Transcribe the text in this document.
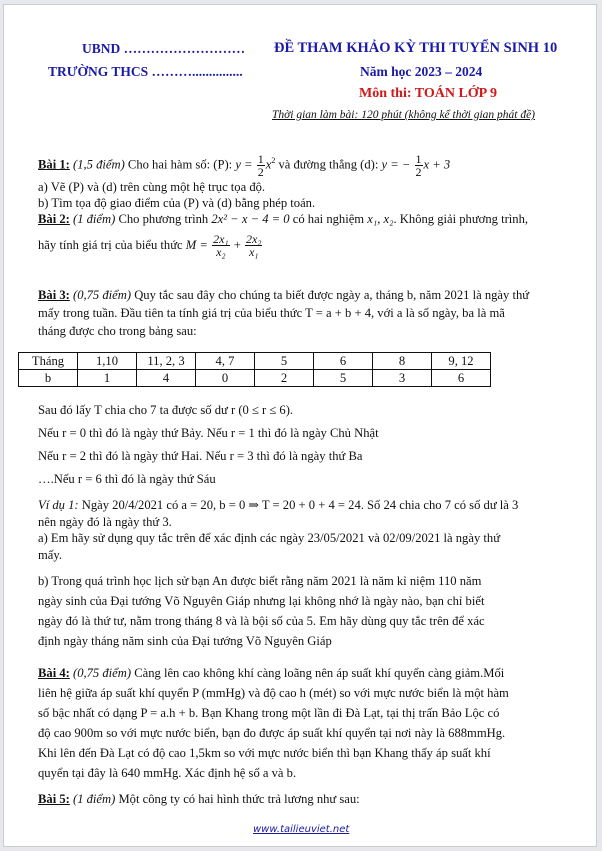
UBND ………………………
TRƯỜNG THCS ………...............
ĐỀ THAM KHẢO KỲ THI TUYỂN SINH 10
Năm học 2023 – 2024
Môn thi: TOÁN LỚP 9
Thời gian làm bài: 120 phút (không kể thời gian phát đề)
Bài 1: (1,5 điểm) Cho hai hàm số: (P): $y = \frac{1}{2} x^2$ và đường thẳng (d): y = − $\frac{1}{2}$ x + 3
a) Vẽ (P) và (d) trên cùng một hệ trục tọa độ.
b) Tìm tọa độ giao điểm của (P) và (d) bằng phép toán.
Bài 2: (1 điểm) Cho phương trình 2x² − x − 4 = 0 có hai nghiệm x₁, x₂. Không giải phương trình,
hãy tính giá trị của biểu thức $M = \frac{\text{2x₁}}{\text{x₂}} + \frac{\text{2x₂}}{\text{x₁}}$
Bài 3: (0,75 điểm) Quy tắc sau đây cho chúng ta biết được ngày a, tháng b, năm 2021 là ngày thứ
mấy trong tuần. Đầu tiên ta tính giá trị của biểu thức T = a + b + 4, với a là số ngày, ba là mã
tháng được cho trong bảng sau:
Tháng	1,10	11, 2, 3	4, 7	5	6	8	9, 12
b	1	4	0	2	5	3	6
Sau đó lấy T chia cho 7 ta được số dư r (0 ≤ r ≤ 6).
Nếu r = 0 thì đó là ngày thứ Bảy. Nếu r = 1 thì đó là ngày Chủ Nhật
Nếu r = 2 thì đó là ngày thứ Hai. Nếu r = 3 thì đó là ngày thứ Ba
….Nếu r = 6 thì đó là ngày thứ Sáu
Ví dụ 1: Ngày 20/4/2021 có a = 20, b = 0 ⇒ T = 20 + 0 + 4 = 24. Số 24 chia cho 7 có số dư là 3
nên ngày đó là ngày thứ 3.
a) Em hãy sử dụng quy tắc trên để xác định các ngày 23/05/2021 và 02/09/2021 là ngày thứ
mấy.
b) Trong quá trình học lịch sử bạn An được biết rằng năm 2021 là năm kỉ niệm 110 năm
ngày sinh của Đại tướng Võ Nguyên Giáp nhưng lại không nhớ là ngày nào, bạn chỉ biết
ngày đó là thứ tư, nằm trong tháng 8 và là bội số của 5. Em hãy dùng quy tắc trên để xác
định ngày tháng năm sinh của Đại tướng Võ Nguyên Giáp
Bài 4: (0,75 điểm) Càng lên cao không khí càng loãng nên áp suất khí quyển càng giảm.Mối
liên hệ giữa áp suất khí quyển P (mmHg) và độ cao h (mét) so với mực nước biển là một hàm
số bậc nhất có dạng P = a.h + b. Bạn Khang trong một lần đi Đà Lạt, tại thị trấn Bảo Lộc có
độ cao 900m so với mực nước biển, bạn đo được áp suất khí quyển tại nơi này là 688mmHg.
Khi lên đến Đà Lạt có độ cao 1,5km so với mực nước biển thì bạn Khang thấy áp suất khí
quyển tại đây là 640 mmHg. Xác định hệ số a và b.
Bài 5: (1 điểm) Một công ty có hai hình thức trả lương như sau:
www.tailieuviet.net
